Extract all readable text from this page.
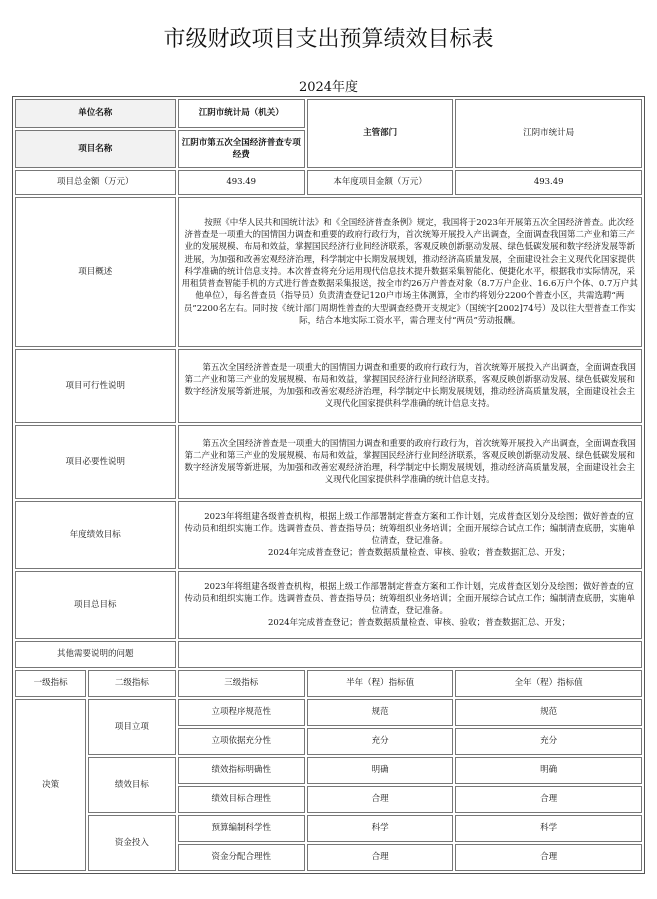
市级财政项目支出预算绩效目标表
2024年度
单位名称		江阴市统计局（机关）	主管部门	江阴市统计局
项目名称		江阴市第五次全国经济普查专项经费		
项目总金额（万元）		493.49	本年度项目金额（万元）	493.49
项目概述		按照《中华人民共和国统计法》和《全国经济普查条例》规定，我国将于2023年开展第五次全国经济普查。此次经济普查是一项重大的国情国力调查和重要的政府行政行为，首次统筹开展投入产出调查，全面调查我国第二产业和第三产业的发展规模、布局和效益，掌握国民经济行业间经济联系，客观反映创新驱动发展、绿色低碳发展和数字经济发展等新进展，为加强和改善宏观经济治理，科学制定中长期发展规划，推动经济高质量发展，全面建设社会主义现代化国家提供科学准确的统计信息支持。本次普查将充分运用现代信息技术提升数据采集智能化、便捷化水平，根据我市实际情况，采用租赁普查智能手机的方式进行普查数据采集报送，按全市约26万户普查对象（8.7万户企业、16.6万户个体、0.7万户其他单位），每名普查员（指导员）负责清查登记120户市场主体测算，全市约将划分2200个普查小区，共需选聘“两员”2200名左右。同时按《统计部门周期性普查的大型调查经费开支规定》（国统字[2002]74号）及以往大型普查工作实际，结合本地实际工资水平，需合理支付“两员”劳动报酬。		

项目可行性说明		第五次全国经济普查是一项重大的国情国力调查和重要的政府行政行为，首次统筹开展投入产出调查，全面调查我国第二产业和第三产业的发展规模、布局和效益，掌握国民经济行业间经济联系，客观反映创新驱动发展、绿色低碳发展和数字经济发展等新进展，为加强和改善宏观经济治理，科学制定中长期发展规划，推动经济高质量发展，全面建设社会主义现代化国家提供科学准确的统计信息支持。		

项目必要性说明		第五次全国经济普查是一项重大的国情国力调查和重要的政府行政行为，首次统筹开展投入产出调查，全面调查我国第二产业和第三产业的发展规模、布局和效益，掌握国民经济行业间经济联系，客观反映创新驱动发展、绿色低碳发展和数字经济发展等新进展，为加强和改善宏观经济治理，科学制定中长期发展规划，推动经济高质量发展，全面建设社会主义现代化国家提供科学准确的统计信息支持。		

年度绩效目标		2023年将组建各级普查机构，根据上级工作部署制定普查方案和工作计划，完成普查区划分及绘图；做好普查的宣传动员和组织实施工作。选调普查员、普查指导员；统筹组织业务培训；全面开展综合试点工作；编制清查底册，实施单位清查，登记准备。

2024年完成普查登记；普查数据质量检查、审核、验收；普查数据汇总、开发；		

项目总目标		2023年将组建各级普查机构，根据上级工作部署制定普查方案和工作计划，完成普查区划分及绘图；做好普查的宣传动员和组织实施工作。选调普查员、普查指导员；统筹组织业务培训；全面开展综合试点工作；编制清查底册，实施单位清查，登记准备。

2024年完成普查登记；普查数据质量检查、审核、验收；普查数据汇总、开发；		

其他需要说明的问题				
一级指标	二级指标	三级指标	半年（程）指标值	全年（程）指标值
决策	项目立项	立项程序规范性	规范	规范
		立项依据充分性	充分	充分
	绩效目标	绩效指标明确性	明确	明确
		绩效目标合理性	合理	合理
	资金投入	预算编制科学性	科学	科学
		资金分配合理性	合理	合理
